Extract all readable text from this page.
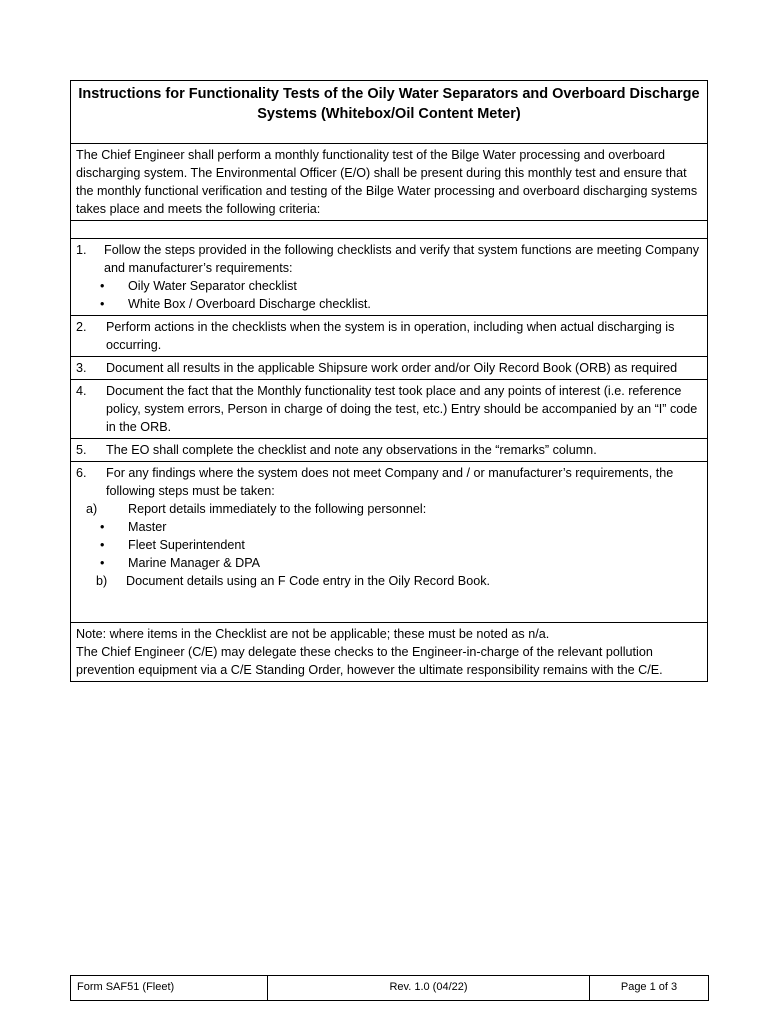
Instructions for Functionality Tests of the Oily Water Separators and Overboard Discharge Systems (Whitebox/Oil Content Meter)

The Chief Engineer shall perform a monthly functionality test of the Bilge Water processing and overboard discharging system. The Environmental Officer (E/O) shall be present during this monthly test and ensure that the monthly functional verification and testing of the Bilge Water processing and overboard discharging systems takes place and meets the following criteria:
1.	Follow the steps provided in the following checklists and verify that system functions are meeting Company and manufacturer’s requirements:
•	Oily Water Separator checklist
•	White Box / Overboard Discharge checklist.
2.	Perform actions in the checklists when the system is in operation, including when actual discharging is occurring.
3.	Document all results in the applicable Shipsure work order and/or Oily Record Book (ORB) as required
4.	Document the fact that the Monthly functionality test took place and any points of interest (i.e. reference policy, system errors, Person in charge of doing the test, etc.) Entry should be accompanied by an “I” code in the ORB.
5.	The EO shall complete the checklist and note any observations in the “remarks” column.
6.	For any findings where the system does not meet Company and / or manufacturer’s requirements, the following steps must be taken:
a)	Report details immediately to the following personnel:
•	Master
•	Fleet Superintendent
•	Marine Manager & DPA
b)	Document details using an F Code entry in the Oily Record Book.
Note: where items in the Checklist are not be applicable; these must be noted as n/a.
The Chief Engineer (C/E) may delegate these checks to the Engineer-in-charge of the relevant pollution prevention equipment via a C/E Standing Order, however the ultimate responsibility remains with the C/E.
Form SAF51 (Fleet)	Rev. 1.0 (04/22)	Page 1 of 3
